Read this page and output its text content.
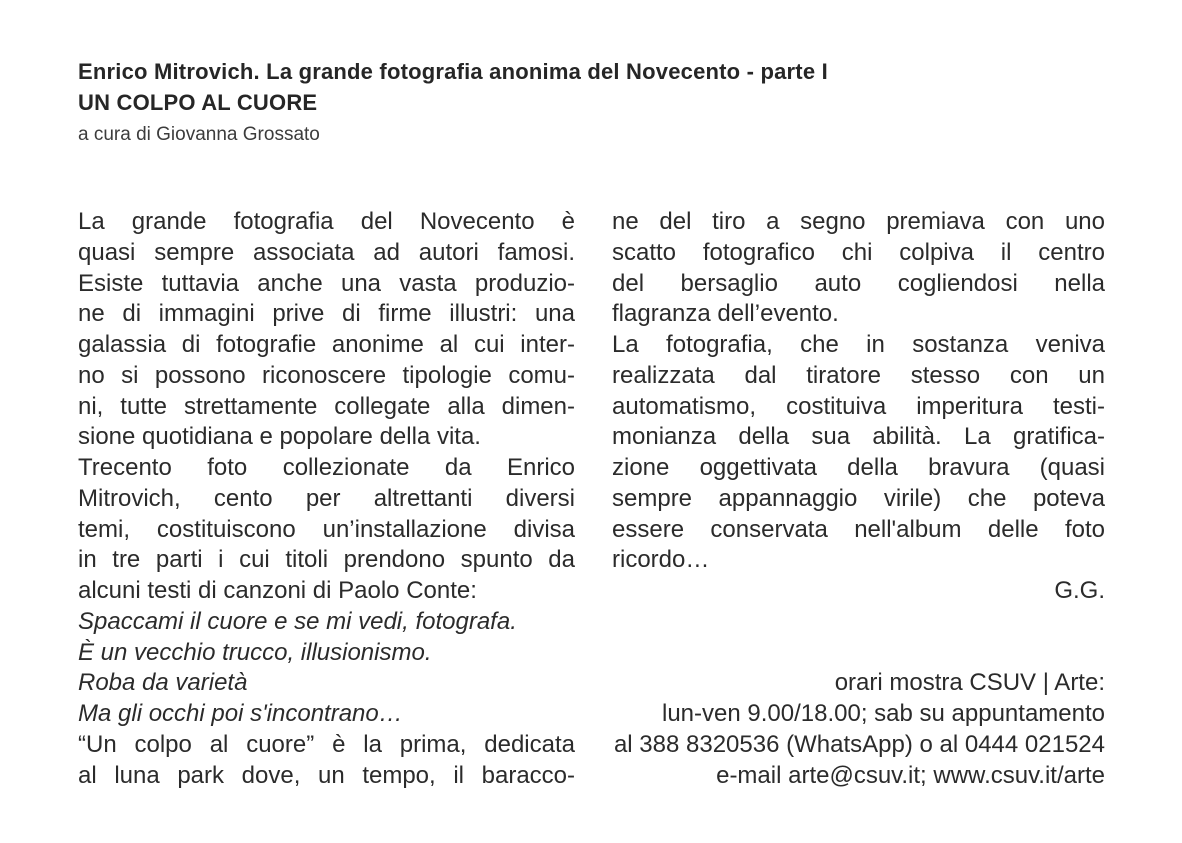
Enrico Mitrovich. La grande fotografia anonima del Novecento - parte I
UN COLPO AL CUORE
a cura di Giovanna Grossato
La grande fotografia del Novecento è
quasi sempre associata ad autori famosi.
Esiste tuttavia anche una vasta produzio-
ne di immagini prive di firme illustri: una
galassia di fotografie anonime al cui inter-
no si possono riconoscere tipologie comu-
ni, tutte strettamente collegate alla dimen-
sione quotidiana e popolare della vita.
Trecento foto collezionate da Enrico
Mitrovich, cento per altrettanti diversi
temi, costituiscono un’installazione divisa
in tre parti i cui titoli prendono spunto da
alcuni testi di canzoni di Paolo Conte:
Spaccami il cuore e se mi vedi, fotografa.
È un vecchio trucco, illusionismo.
Roba da varietà
Ma gli occhi poi s'incontrano…
“Un colpo al cuore” è la prima, dedicata
al luna park dove, un tempo, il baracco-
ne del tiro a segno premiava con uno
scatto fotografico chi colpiva il centro
del bersaglio auto cogliendosi nella
flagranza dell’evento.
La fotografia, che in sostanza veniva
realizzata dal tiratore stesso con un
automatismo, costituiva imperitura testi-
monianza della sua abilità. La gratifica-
zione oggettivata della bravura (quasi
sempre appannaggio virile) che poteva
essere conservata nell'album delle foto
ricordo…
G.G.
orari mostra CSUV | Arte:
lun-ven 9.00/18.00; sab su appuntamento
al 388 8320536 (WhatsApp) o al 0444 021524
e-mail arte@csuv.it; www.csuv.it/arte
